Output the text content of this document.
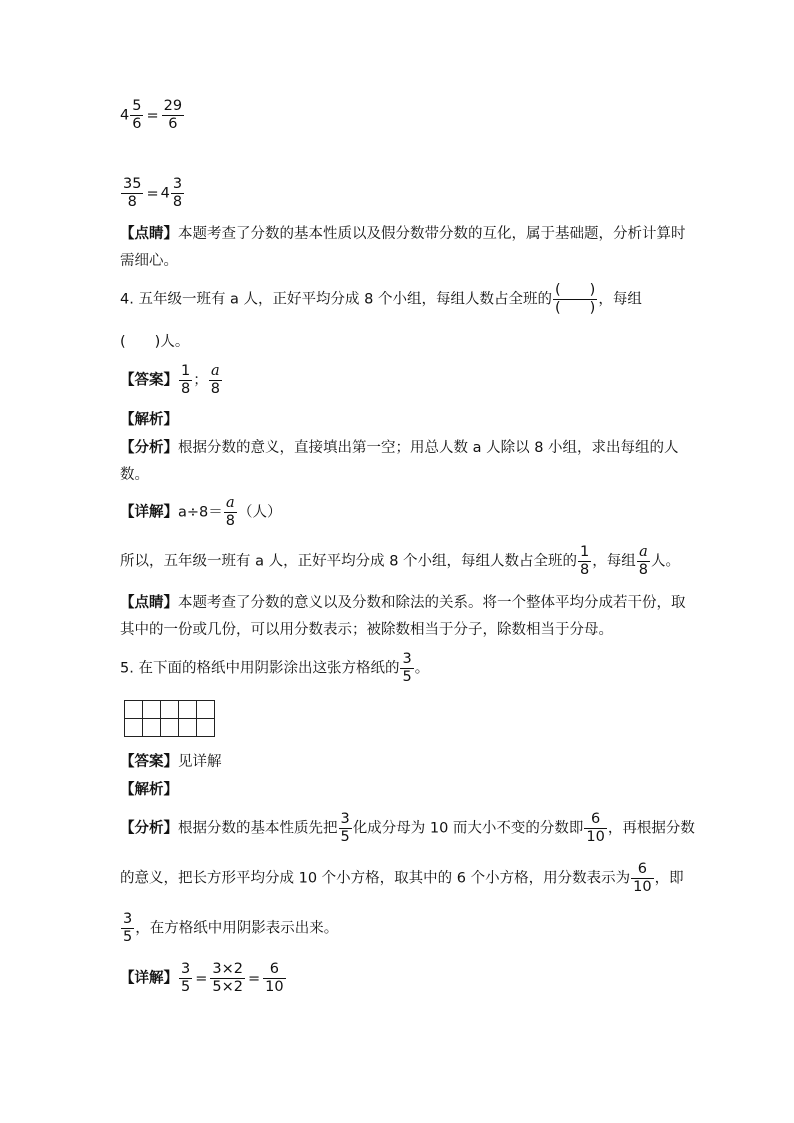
$4 \frac{5}{6} = \frac{29}{6}$
$\frac{35}{8} = 4 \frac{3}{8}$
【点睛】本题考查了分数的基本性质以及假分数带分数的互化，属于基础题，分析计算时
需细心。
4. 五年级一班有 a 人，正好平均分成 8 个小组，每组人数占全班的 $\frac{( )}{( )}$ ，每组
(　　)人。
【答案】 $\frac{1}{8}$ ； $\frac{a}{8}$
【解析】
【分析】根据分数的意义，直接填出第一空；用总人数 a 人除以 8 小组，求出每组的人
数。
【详解】$a\div 8= \frac{a}{8}$ （人）
所以，五年级一班有 a 人，正好平均分成 8 个小组，每组人数占全班的 $\frac{1}{8}$ ，每组 $\frac{a}{8}$ 人。
【点睛】本题考查了分数的意义以及分数和除法的关系。将一个整体平均分成若干份，取
其中的一份或几份，可以用分数表示；被除数相当于分子，除数相当于分母。
5. 在下面的格纸中用阴影涂出这张方格纸的 $\frac{3}{5}$ 。

【答案】见详解
【解析】
【分析】根据分数的基本性质先把 $\frac{3}{5}$ 化成分母为 10 而大小不变的分数即 $\frac{6}{10}$ ，再根据分数
的意义，把长方形平均分成 10 个小方格，取其中的 6 个小方格，用分数表示为 $\frac{6}{10}$ ，即
$\frac{3}{5}$ ，在方格纸中用阴影表示出来。
【详解】 $\frac{3}{5} = \frac{3\times 2}{5\times 2} = \frac{6}{10}$
